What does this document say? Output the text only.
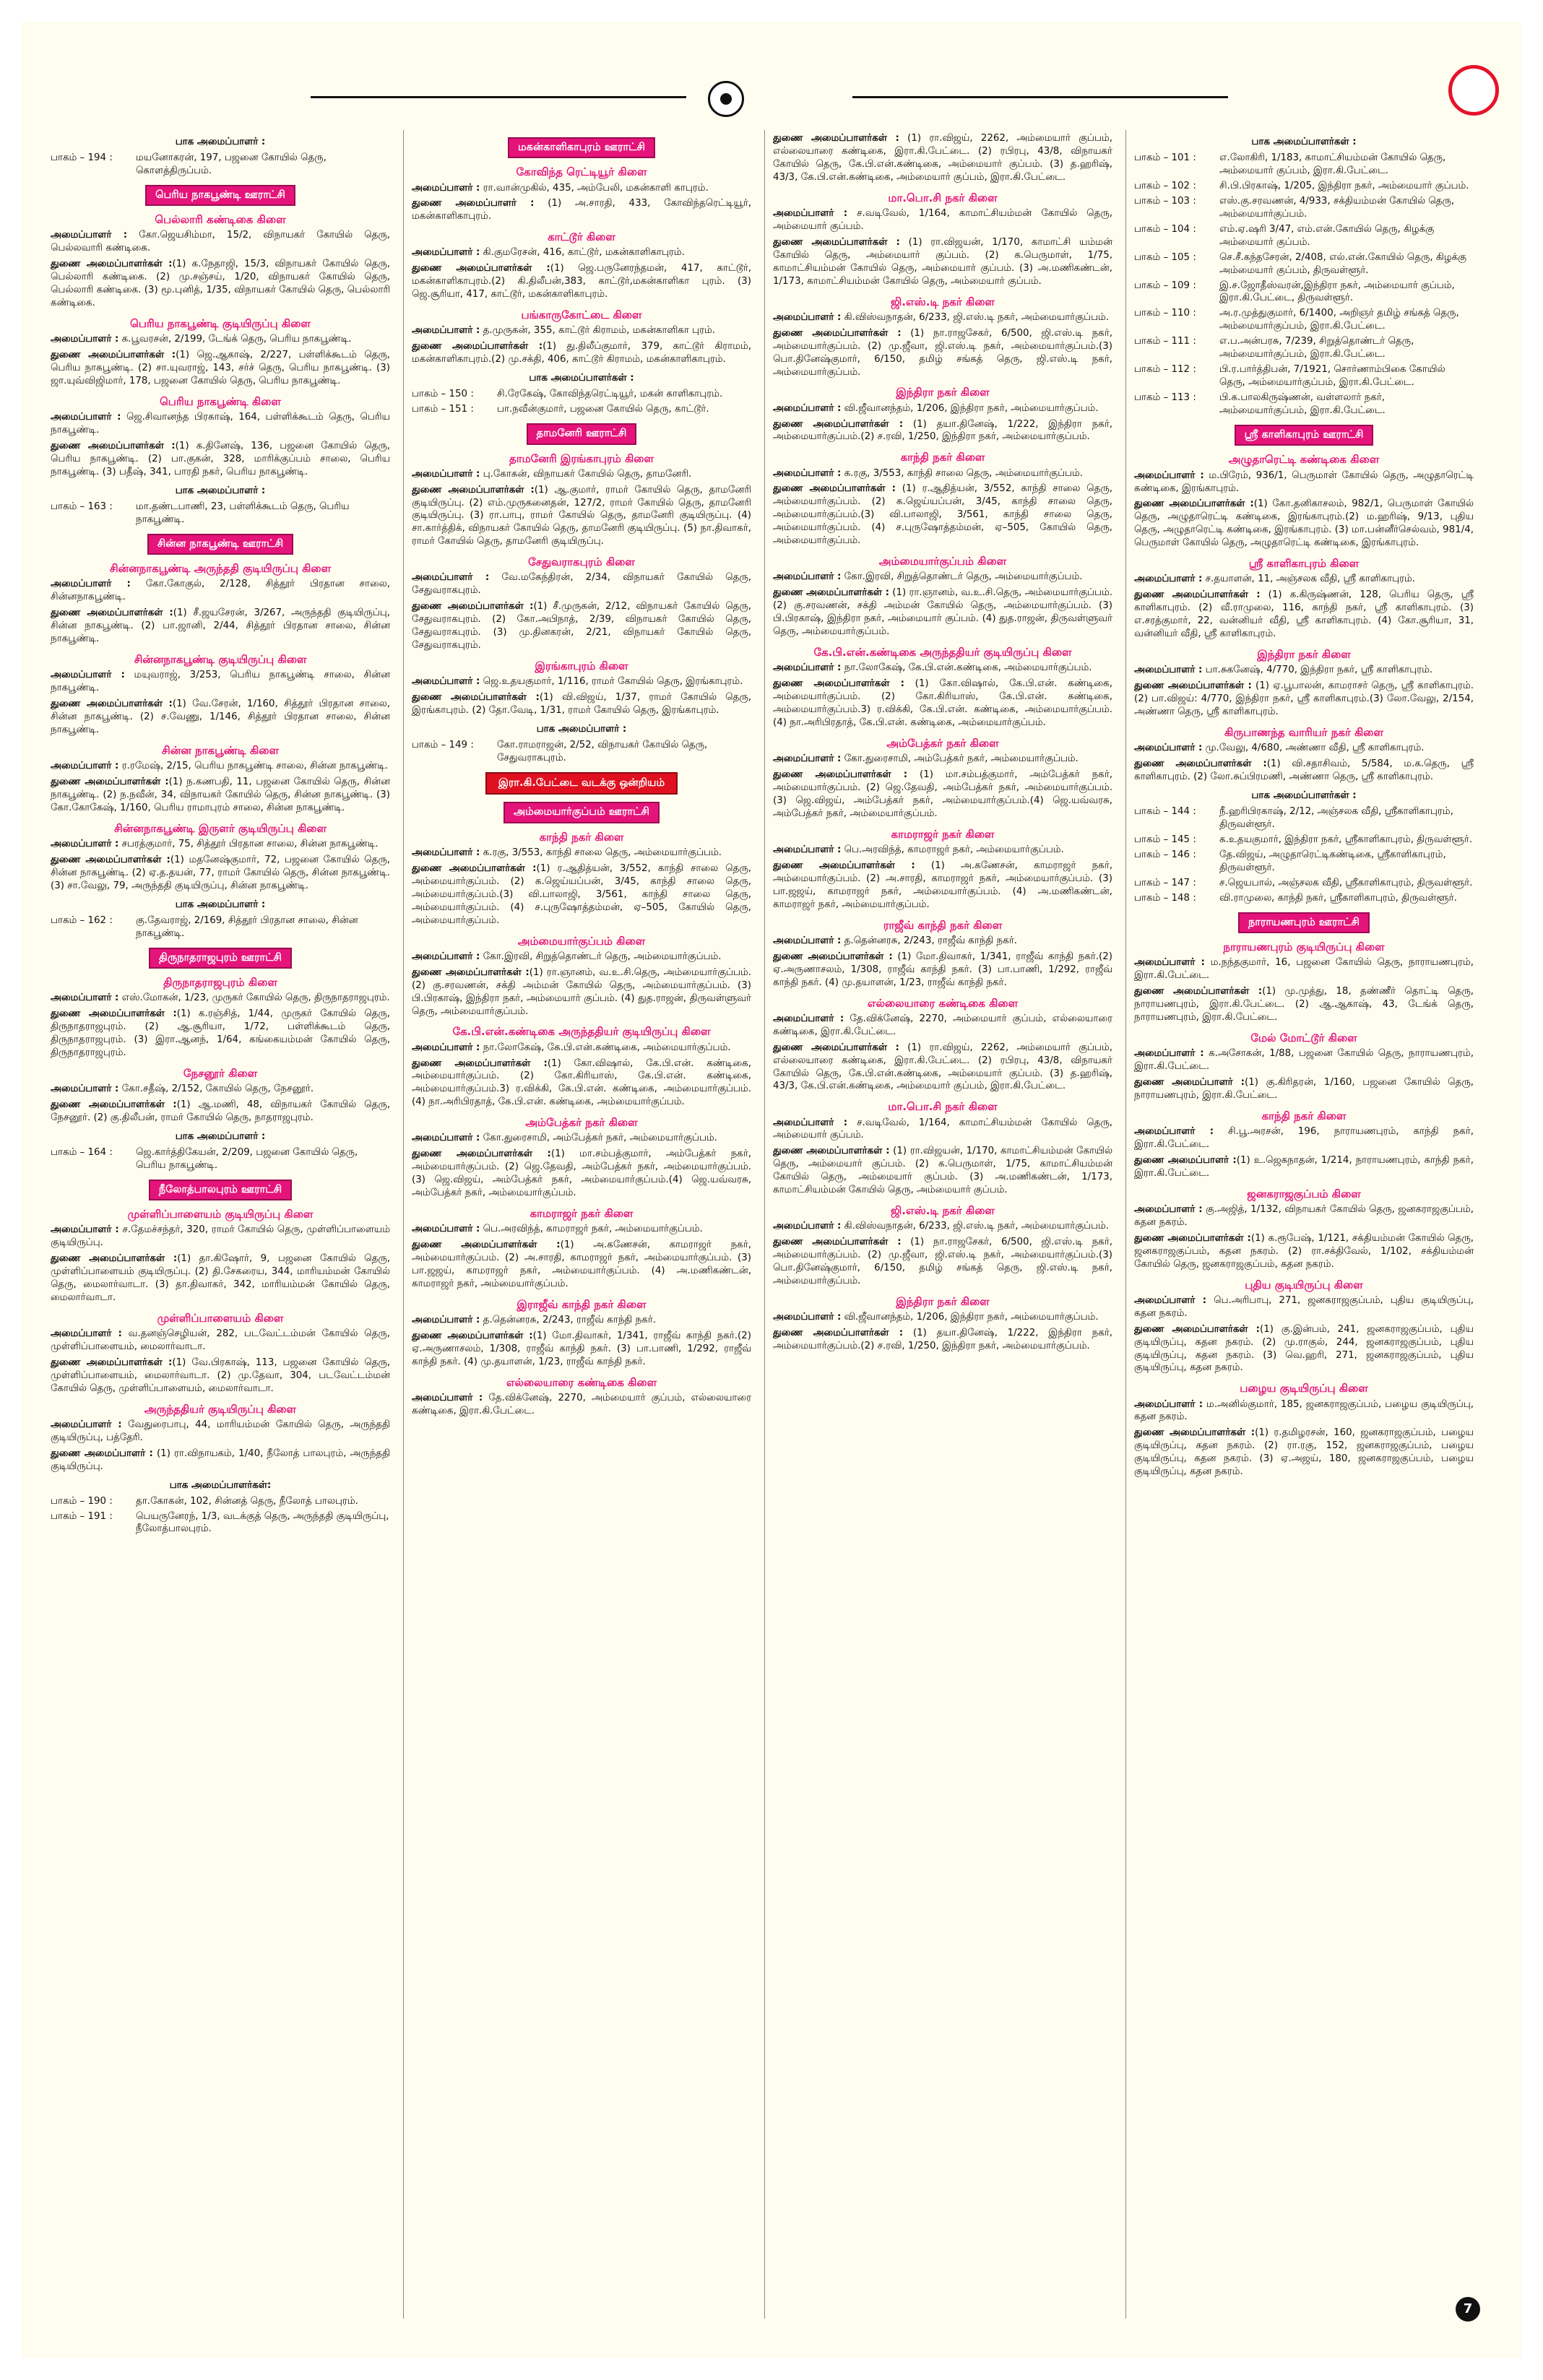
பாக அமைப்பாளர் :
பாகம் – 194 :	மயனோகரன், 197, பஜனை கோயில் தெரு, கொளத்திருப்பம்.
பெரிய நாகபூண்டி ஊராட்சி
பெல்லாரி கண்டிகை கிளை
அமைப்பாளர் : கோ.ஜெயசிம்மா, 15/2, விநாயகர் கோயில் தெரு, பெல்லவாரி கண்டிகை.
துணை அமைப்பாளர்கள் :(1) க.நேதாஜி, 15/3, விநாயகர் கோயில் தெரு, பெல்லாரி கண்டிகை. (2) மு.சஞ்சய், 1/20, விநாயகர் கோயில் தெரு, பெல்லாரி கண்டிகை. (3) மூ.புனித், 1/35, விநாயகர் கோயில் தெரு, பெல்லாரி கண்டிகை.
பெரிய நாகபூண்டி குடியிருப்பு கிளை
அமைப்பாளர் : க.பூவரசன், 2/199, டேங்க் தெரு, பெரிய நாகபூண்டி.
துணை அமைப்பாளர்கள் :(1) ஜெ.ஆகாஷ், 2/227, பள்ளிக்கூடம் தெரு, பெரிய நாகபூண்டி. (2) சா.யுவராஜ், 143, சர்ச் தெரு, பெரிய நாகபூண்டி. (3) ஜா.யுவ்விஜிமார், 178, பஜனை கோயில் தெரு, பெரிய நாகபூண்டி.
பெரிய நாகபூண்டி கிளை
அமைப்பாளர் : ஜெ.சிவானந்த பிரகாஷ், 164, பள்ளிக்கூடம் தெரு, பெரிய நாகபூண்டி.
துணை அமைப்பாளர்கள் :(1) க.தினேஷ், 136, பஜனை கோயில் தெரு, பெரிய நாகபூண்டி. (2) பா.குகன், 328, மாரிக்குப்பம் சாலை, பெரிய நாகபூண்டி. (3) பதீஷ், 341, பாரதி நகர், பெரிய நாகபூண்டி.
பாக அமைப்பாளர் :
பாகம் – 163 :	மா.தண்டபாணி, 23, பள்ளிக்கூடம் தெரு, பெரிய நாகபூண்டி.
சின்ன நாகபூண்டி ஊராட்சி
சின்னநாகபூண்டி அருந்ததி குடியிருப்பு கிளை
அமைப்பாளர் : கோ.கோகுல், 2/128, சித்தூர் பிரதான சாலை, சின்னநாகபூண்டி.
துணை அமைப்பாளர்கள் :(1) சீ.ஜயசேரன், 3/267, அருந்ததி குடியிருப்பு, சின்ன நாகபூண்டி. (2) பா.ஜானி, 2/44, சித்தூர் பிரதான சாலை, சின்ன நாகபூண்டி.
சின்னநாகபூண்டி குடியிருப்பு கிளை
அமைப்பாளர் : மயுவராஜ், 3/253, பெரிய நாகபூண்டி சாலை, சின்ன நாகபூண்டி.
துணை அமைப்பாளர்கள் :(1) வே.சேரன், 1/160, சித்தூர் பிரதான சாலை, சின்ன நாகபூண்டி. (2) ச.வேணு, 1/146, சித்தூர் பிரதான சாலை, சின்ன நாகபூண்டி.
சின்ன நாகபூண்டி கிளை
அமைப்பாளர் : ர.ரமேஷ், 2/15, பெரிய நாகபூண்டி சாலை, சின்ன நாகபூண்டி.
துணை அமைப்பாளர்கள் :(1) ந.கணபதி, 11, பஜனை கோயில் தெரு, சின்ன நாகபூண்டி. (2) ந.நவீன், 34, விநாயகர் கோயில் தெரு, சின்ன நாகபூண்டி. (3) கோ.கோகேஷ், 1/160, பெரிய ராமாபுரம் சாலை, சின்ன நாகபூண்டி.
சின்னநாகபூண்டி இருளர் குடியிருப்பு கிளை
அமைப்பாளர் : சபரத்குமார், 75, சித்தூர் பிரதான சாலை, சின்ன நாகபூண்டி.
துணை அமைப்பாளர்கள் :(1) மதனேஷ்குமார், 72, பஜனை கோயில் தெரு, சின்ன நாகபூண்டி. (2) ஏ.த.தயன், 77, ராமர் கோயில் தெரு, சின்ன நாகபூண்டி. (3) சா.வேலு, 79, அருந்ததி குடியிருப்பு, சின்ன நாகபூண்டி.
பாக அமைப்பாளர் :
பாகம் – 162 :	கு.தேவராஜ், 2/169, சித்தூர் பிரதான சாலை, சின்ன நாகபூண்டி.
திருநாதராஜபுரம் ஊராட்சி
திருநாதராஜபுரம் கிளை
அமைப்பாளர் : எஸ்.மோகன், 1/23, முருகர் கோயில் தெரு, திருநாதராஜபுரம்.
துணை அமைப்பாளர்கள் :(1) க.ரஞ்சித், 1/44, முருகர் கோயில் தெரு, திருநாதராஜபுரம். (2) ஆ.சூரியா, 1/72, பள்ளிக்கூடம் தெரு, திருநாதராஜபுரம். (3) இரா.ஆனந், 1/64, கங்கையம்மன் கோயில் தெரு, திருநாதராஜபுரம்.
நேசனூர் கிளை
அமைப்பாளர் : கோ.சதீஷ், 2/152, கோயில் தெரு, நேசனூர்.
துணை அமைப்பாளர்கள் :(1) ஆ.மணி, 48, விநாயகர் கோயில் தெரு, நேசனூர். (2) கு.திலீபன், ராமர் கோயில் தெரு, நாதராஜபுரம்.
பாக அமைப்பாளர் :
பாகம் – 164 :	ஜெ.கார்த்திகேயன், 2/209, பஜனை கோயில் தெரு, பெரிய நாகபூண்டி.
நீலோத்பாலபுரம் ஊராட்சி
முள்ளிப்பாளையம் குடியிருப்பு கிளை
அமைப்பாளர் : ச.தேமச்சந்தர், 320, ராமர் கோயில் தெரு, முள்ளிப்பாளையம் குடியிருப்பு.
துணை அமைப்பாளர்கள் :(1) தா.கிஷோர், 9, பஜனை கோயில் தெரு, முள்ளிப்பாளையம் குடியிருப்பு. (2) தி.சேகரைய, 344, மாரியம்மன் கோயில் தெரு, மைலார்வாடா. (3) தா.திவாகர், 342, மாரியம்மன் கோயில் தெரு, மைலார்வாடா.
முள்ளிப்பாளையம் கிளை
அமைப்பாளர் : வ.தனஞ்செழியன், 282, படவேட்டம்மன் கோயில் தெரு, முள்ளிப்பாளையம், மைலார்வாடா.
துணை அமைப்பாளர்கள் :(1) வே.பிரகாஷ், 113, பஜனை கோயில் தெரு, முள்ளிப்பாளையம், மைலார்வாடா. (2) மு.தேவா, 304, படவேட்டம்மன் கோயில் தெரு, முள்ளிப்பாளையம், மைலார்வாடா.
அருந்ததியர் குடியிருப்பு கிளை
அமைப்பாளர் : வேதுரைபாபு, 44, மாரியம்மன் கோயில் தெரு, அருந்ததி குடியிருப்பு, பத்தேரி.
துணை அமைப்பாளர் : (1) ரா.விநாயகம், 1/40, நீலோத் பாலபுரம், அருந்ததி குடியிருப்பு.
பாக அமைப்பாளர்கள்:
பாகம் – 190 :	தா.கோகன், 102, சின்னத் தெரு, நீலோத் பாலபுரம்.
பாகம் – 191 :	பெயருனேரந், 1/3, வடக்குத் தெரு, அருந்ததி குடியிருப்பு, நீலோத்பாலபுரம்.
மகன்காளிகாபுரம் ஊராட்சி
கோவிந்த ரெட்டியூர் கிளை
அமைப்பாளர் : ரா.வான்முகில், 435, அம்பேலி, மகன்காளி காபுரம்.
துணை அமைப்பாளர் : (1) அ.சாரதி, 433, கோவிந்தரெட்டியூர், மகன்காளிகாபுரம்.
காட்டூர் கிளை
அமைப்பாளர் : கி.குமரேசன், 416, காட்டூர், மகன்காளிகாபுரம்.
துணை அமைப்பாளர்கள் :(1) ஜெ.பருனேரந்தமன், 417, காட்டூர், மகன்காளிகாபுரம்.(2) கி.திலீபன்,383, காட்டூர்,மகன்காளிகா புரம். (3) ஜெ.சூரியா, 417, காட்டூர், மகன்காளிகாபுரம்.
பங்காருகோட்டை கிளை
அமைப்பாளர் : த.முருகன், 355, காட்டூர் கிராமம், மகன்காளிகா புரம்.
துணை அமைப்பாளர்கள் :(1) து.திலீப்குமார், 379, காட்டூர் கிராமம், மகன்காளிகாபுரம்.(2) மு.சக்தி, 406, காட்டூர் கிராமம், மகன்காளிகாபுரம்.
பாக அமைப்பாளர்கள் :
பாகம் – 150 :	சி.ரேகேஷ், கோவிந்தரெட்டியூர், மகன் காளிகாபுரம்.
பாகம் – 151 :	பா.நவீன்குமார், பஜனை கோயில் தெரு, காட்டூர்.
தாமனேரி ஊராட்சி
தாமனேரி இரங்காபுரம் கிளை
அமைப்பாளர் : பு.கோகன், விநாயகர் கோயில் தெரு, தாமனேரி.
துணை அமைப்பாளர்கள் :(1) ஆ.குமார், ராமர் கோயில் தெரு, தாமனேரி குடியிருப்பு. (2) எம்.முருகனைதன், 127/2, ராமர் கோயில் தெரு, தாமனேரி குடியிருப்பு. (3) ரா.பாபு, ராமர் கோயில் தெரு, தாமனேரி குடியிருப்பு. (4) சா.கார்த்திக், விநாயகர் கோயில் தெரு, தாமனேரி குடியிருப்பு. (5) நா.திவாகர், ராமர் கோயில் தெரு, தாமனேரி குடியிருப்பு.
சேதுவராகபுரம் கிளை
அமைப்பாளர் : வே.மகேந்திரன், 2/34, விநாயகர் கோயில் தெரு, சேதுவராகபுரம்.
துணை அமைப்பாளர்கள் :(1) சீ.முருகன், 2/12, விநாயகர் கோயில் தெரு, சேதுவராகபுரம். (2) கோ.அபிநாத், 2/39, விநாயகர் கோயில் தெரு, சேதுவராகபுரம். (3) மு.தினகரன், 2/21, விநாயகர் கோயில் தெரு, சேதுவராகபுரம்.
இரங்காபுரம் கிளை
அமைப்பாளர் : ஜெ.உதயகுமார், 1/116, ராமர் கோயில் தெரு, இரங்காபுரம்.
துணை அமைப்பாளர்கள் :(1) வி.விஜய், 1/37, ராமர் கோயில் தெரு, இரங்காபுரம். (2) தோ.வேடி, 1/31, ராமர் கோயில் தெரு, இரங்காபுரம்.
பாக அமைப்பாளர் :
பாகம் – 149 :	கோ.ராமராஜன், 2/52, விநாயகர் கோயில் தெரு, சேதுவராகபுரம்.
இரா.கி.பேட்டை வடக்கு ஒன்றியம்
அம்மையார்குப்பம் ஊராட்சி
காந்தி நகர் கிளை
அமைப்பாளர் : க.ரகு, 3/553, காந்தி சாலை தெரு, அம்மையார்குப்பம்.
துணை அமைப்பாளர்கள் :(1) ர.ஆதித்யன், 3/552, காந்தி சாலை தெரு, அம்மையார்குப்பம். (2) க.ஜெய்யப்பன், 3/45, காந்தி சாலை தெரு, அம்மையார்குப்பம்.(3) வி.பாலாஜி, 3/561, காந்தி சாலை தெரு, அம்மையார்குப்பம். (4) ச.புருஷோத்தம்மன், ஏ–505, கோயில் தெரு, அம்மையார்குப்பம்.
அம்மையார்குப்பம் கிளை
அமைப்பாளர் : கோ.இரவி, சிறுத்தொண்டர் தெரு, அம்மையார்குப்பம்.
துணை அமைப்பாளர்கள் :(1) ரா.ஞானம், வ.உ.சி.தெரு, அம்மையார்குப்பம். (2) கு.சரவணன், சக்தி அம்மன் கோயில் தெரு, அம்மையார்குப்பம். (3) பி.பிரகாஷ், இந்திரா நகர், அம்மையார் குப்பம். (4) துத.ராஜன், திருவள்ளுவர் தெரு, அம்மையார்குப்பம்.
கே.பி.என்.கண்டிகை அருந்ததியர் குடியிருப்பு கிளை
அமைப்பாளர் : நா.லோகேஷ், கே.பி.என்.கண்டிகை, அம்மையார்குப்பம்.
துணை அமைப்பாளர்கள் :(1) கோ.விஷால், கே.பி.என். கண்டிகை, அம்மையார்குப்பம். (2) கோ.கிரியாஸ், கே.பி.என். கண்டிகை, அம்மையார்குப்பம்.3) ர.விக்கி, கே.பி.என். கண்டிகை, அம்மையார்குப்பம்.(4) நா.அரிபிரதாத், கே.பி.என். கண்டிகை, அம்மையார்குப்பம்.
அம்பேத்கர் நகர் கிளை
அமைப்பாளர் : கோ.துரைசாமி, அம்பேத்கர் நகர், அம்மையார்குப்பம்.
துணை அமைப்பாளர்கள் :(1) மா.சம்பத்குமார், அம்பேத்கர் நகர், அம்மையார்குப்பம். (2) ஜெ.தேவதி, அம்பேத்கர் நகர், அம்மையார்குப்பம்.(3) ஜெ.விஜய், அம்பேத்கர் நகர், அம்மையார்குப்பம்.(4) ஜெ.யவ்வரசு, அம்பேத்கர் நகர், அம்மையார்குப்பம்.
காமராஜர் நகர் கிளை
அமைப்பாளர் : பெ.அரவிந்த், காமராஜர் நகர், அம்மையார்குப்பம்.
துணை அமைப்பாளர்கள் :(1) அ.கணேசன், காமராஜர் நகர், அம்மையார்குப்பம். (2) அ.சாரதி, காமராஜர் நகர், அம்மையார்குப்பம். (3) பா.ஜஜய், காமராஜர் நகர், அம்மையார்குப்பம். (4) அ.மணிகண்டன், காமராஜர் நகர், அம்மையார்குப்பம்.
இராஜீவ் காந்தி நகர் கிளை
அமைப்பாளர் : த.தென்னரசு, 2/243, ராஜீவ் காந்தி நகர்.
துணை அமைப்பாளர்கள் :(1) மோ.திவாகர், 1/341, ராஜீவ் காந்தி நகர்.(2) ஏ.அருணாசலம், 1/308, ராஜீவ் காந்தி நகர். (3) பா.பாணி, 1/292, ராஜீவ் காந்தி நகர். (4) மு.தயாளன், 1/23, ராஜீவ் காந்தி நகர்.
எல்லையாரை கண்டிகை கிளை
அமைப்பாளர் : தே.விக்னேஷ், 2270, அம்மையார் குப்பம், எல்லையாரை கண்டிகை, இரா.கி.பேட்டை.
துணை அமைப்பாளர்கள் : (1) ரா.விஜய், 2262, அம்மையார் குப்பம், எல்லையாரை கண்டிகை, இரா.கி.பேட்டை. (2) ரபிரபு, 43/8, விநாயகர் கோயில் தெரு, கே.பி.என்.கண்டிகை, அம்மையார் குப்பம். (3) த.ஹரிஷ், 43/3, கே.பி.என்.கண்டிகை, அம்மையார் குப்பம், இரா.கி.பேட்டை.
மா.பொ.சி நகர் கிளை
அமைப்பாளர் : ச.வடிவேல், 1/164, காமாட்சியம்மன் கோயில் தெரு, அம்மையார் குப்பம்.
துணை அமைப்பாளர்கள் : (1) ரா.விஜயன், 1/170, காமாட்சி யம்மன் கோயில் தெரு, அம்மையார் குப்பம். (2) க.பெருமாள், 1/75, காமாட்சியம்மன் கோயில் தெரு, அம்மையார் குப்பம். (3) அ.மணிகண்டன், 1/173, காமாட்சியம்மன் கோயில் தெரு, அம்மையார் குப்பம்.
ஜி.எஸ்.டி நகர் கிளை
அமைப்பாளர் : கி.விஸ்வநாதன், 6/233, ஜி.எஸ்.டி நகர், அம்மையார்குப்பம்.
துணை அமைப்பாளர்கள் : (1) நா.ராஜசேகர், 6/500, ஜி.எஸ்.டி நகர், அம்மையார்குப்பம். (2) மு.ஜீவா, ஜி.எஸ்.டி நகர், அம்மையார்குப்பம்.(3) பொ.தினேஷ்குமார், 6/150, தமிழ் சங்கத் தெரு, ஜி.எஸ்.டி நகர், அம்மையார்குப்பம்.
இந்திரா நகர் கிளை
அமைப்பாளர் : வி.ஜீவானந்தம், 1/206, இந்திரா நகர், அம்மையார்குப்பம்.
துணை அமைப்பாளர்கள் : (1) தயா.தினேஷ், 1/222, இந்திரா நகர், அம்மையார்குப்பம்.(2) ச.ரவி, 1/250, இந்திரா நகர், அம்மையார்குப்பம்.
காந்தி நகர் கிளை
அமைப்பாளர் : க.ரகு, 3/553, காந்தி சாலை தெரு, அம்மையார்குப்பம்.
துணை அமைப்பாளர்கள் : (1) ர.ஆதித்யன், 3/552, காந்தி சாலை தெரு, அம்மையார்குப்பம். (2) க.ஜெய்யப்பன், 3/45, காந்தி சாலை தெரு, அம்மையார்குப்பம்.(3) வி.பாலாஜி, 3/561, காந்தி சாலை தெரு, அம்மையார்குப்பம். (4) ச.புருஷோத்தம்மன், ஏ–505, கோயில் தெரு, அம்மையார்குப்பம்.
அம்மையார்குப்பம் கிளை
அமைப்பாளர் : கோ.இரவி, சிறுத்தொண்டர் தெரு, அம்மையார்குப்பம்.
துணை அமைப்பாளர்கள் : (1) ரா.ஞானம், வ.உ.சி.தெரு, அம்மையார்குப்பம். (2) கு.சரவணன், சக்தி அம்மன் கோயில் தெரு, அம்மையார்குப்பம். (3) பி.பிரகாஷ், இந்திரா நகர், அம்மையார் குப்பம். (4) துத.ராஜன், திருவள்ளுவர் தெரு, அம்மையார்குப்பம்.
கே.பி.என்.கண்டிகை அருந்ததியர் குடியிருப்பு கிளை
அமைப்பாளர் : நா.லோகேஷ், கே.பி.என்.கண்டிகை, அம்மையார்குப்பம்.
துணை அமைப்பாளர்கள் : (1) கோ.விஷால், கே.பி.என். கண்டிகை, அம்மையார்குப்பம். (2) கோ.கிரியாஸ், கே.பி.என். கண்டிகை, அம்மையார்குப்பம்.3) ர.விக்கி, கே.பி.என். கண்டிகை, அம்மையார்குப்பம்.(4) நா.அரிபிரதாத், கே.பி.என். கண்டிகை, அம்மையார்குப்பம்.
அம்பேத்கர் நகர் கிளை
அமைப்பாளர் : கோ.துரைசாமி, அம்பேத்கர் நகர், அம்மையார்குப்பம்.
துணை அமைப்பாளர்கள் : (1) மா.சம்பத்குமார், அம்பேத்கர் நகர், அம்மையார்குப்பம். (2) ஜெ.தேவதி, அம்பேத்கர் நகர், அம்மையார்குப்பம்.(3) ஜெ.விஜய், அம்பேத்கர் நகர், அம்மையார்குப்பம்.(4) ஜெ.யவ்வரசு, அம்பேத்கர் நகர், அம்மையார்குப்பம்.
காமராஜர் நகர் கிளை
அமைப்பாளர் : பெ.அரவிந்த், காமராஜர் நகர், அம்மையார்குப்பம்.
துணை அமைப்பாளர்கள் : (1) அ.கணேசன், காமராஜர் நகர், அம்மையார்குப்பம். (2) அ.சாரதி, காமராஜர் நகர், அம்மையார்குப்பம். (3) பா.ஜஜய், காமராஜர் நகர், அம்மையார்குப்பம். (4) அ.மணிகண்டன், காமராஜர் நகர், அம்மையார்குப்பம்.
ராஜீவ் காந்தி நகர் கிளை
அமைப்பாளர் : த.தென்னரசு, 2/243, ராஜீவ் காந்தி நகர்.
துணை அமைப்பாளர்கள் : (1) மோ.திவாகர், 1/341, ராஜீவ் காந்தி நகர்.(2) ஏ.அருணாசலம், 1/308, ராஜீவ் காந்தி நகர். (3) பா.பாணி, 1/292, ராஜீவ் காந்தி நகர். (4) மு.தயாளன், 1/23, ராஜீவ் காந்தி நகர்.
எல்லையாரை கண்டிகை கிளை
அமைப்பாளர் : தே.விக்னேஷ், 2270, அம்மையார் குப்பம், எல்லையாரை கண்டிகை, இரா.கி.பேட்டை.
துணை அமைப்பாளர்கள் : (1) ரா.விஜய், 2262, அம்மையார் குப்பம், எல்லையாரை கண்டிகை, இரா.கி.பேட்டை. (2) ரபிரபு, 43/8, விநாயகர் கோயில் தெரு, கே.பி.என்.கண்டிகை, அம்மையார் குப்பம். (3) த.ஹரிஷ், 43/3, கே.பி.என்.கண்டிகை, அம்மையார் குப்பம், இரா.கி.பேட்டை.
மா.பொ.சி நகர் கிளை
அமைப்பாளர் : ச.வடிவேல், 1/164, காமாட்சியம்மன் கோயில் தெரு, அம்மையார் குப்பம்.
துணை அமைப்பாளர்கள் : (1) ரா.விஜயன், 1/170, காமாட்சியம்மன் கோயில் தெரு, அம்மையார் குப்பம். (2) க.பெருமாள், 1/75, காமாட்சியம்மன் கோயில் தெரு, அம்மையார் குப்பம். (3) அ.மணிகண்டன், 1/173, காமாட்சியம்மன் கோயில் தெரு, அம்மையார் குப்பம்.
ஜி.எஸ்.டி நகர் கிளை
அமைப்பாளர் : கி.விஸ்வநாதன், 6/233, ஜி.எஸ்.டி நகர், அம்மையார்குப்பம்.
துணை அமைப்பாளர்கள் : (1) நா.ராஜசேகர், 6/500, ஜி.எஸ்.டி நகர், அம்மையார்குப்பம். (2) மு.ஜீவா, ஜி.எஸ்.டி நகர், அம்மையார்குப்பம்.(3) பொ.தினேஷ்குமார், 6/150, தமிழ் சங்கத் தெரு, ஜி.எஸ்.டி நகர், அம்மையார்குப்பம்.
இந்திரா நகர் கிளை
அமைப்பாளர் : வி.ஜீவானந்தம், 1/206, இந்திரா நகர், அம்மையார்குப்பம்.
துணை அமைப்பாளர்கள் : (1) தயா.தினேஷ், 1/222, இந்திரா நகர், அம்மையார்குப்பம்.(2) ச.ரவி, 1/250, இந்திரா நகர், அம்மையார்குப்பம்.
பாக அமைப்பாளர்கள் :
பாகம் – 101 :	எ.லோகிரி, 1/183, காமாட்சியம்மன் கோயில் தெரு, அம்மையார் குப்பம், இரா.கி.பேட்டை.
பாகம் – 102 :	சி.பி.பிரகாஷ், 1/205, இந்திரா நகர், அம்மையார் குப்பம்.
பாகம் – 103 :	எஸ்.கு.சரவணன், 4/933, சக்தியம்மன் கோயில் தெரு, அம்மையார்குப்பம்.
பாகம் – 104 :	எம்.ஏ.ஷரி 3/47, எம்.என்.கோயில் தெரு, கிழக்கு அம்மையார் குப்பம்.
பாகம் – 105 :	செ.சீ.கந்தசேரன், 2/408, எல்.என்.கோயில் தெரு, கிழக்கு அம்மையார் குப்பம், திருவள்ளூர்.
பாகம் – 109 :	இ.ச.ஜோதீஸ்வரன்,இந்திரா நகர், அம்மையார் குப்பம், இரா.கி.பேட்டை, திருவள்ளூர்.
பாகம் – 110 :	அ.ர.முத்துகுமார், 6/1400, அறிஞர் தமிழ் சங்கத் தெரு, அம்மையார்குப்பம், இரா.கி.பேட்டை.
பாகம் – 111 :	எ.ப.அன்பரசு, 7/239, சிறுத்தொண்டர் தெரு, அம்மையார்குப்பம், இரா.கி.பேட்டை.
பாகம் – 112 :	பி.ர.பார்த்திபன், 7/1921, சொர்ணாம்பிகை கோயில் தெரு, அம்மையார்குப்பம், இரா.கி.பேட்டை.
பாகம் – 113 :	பி.க.பாலகிருஷ்ணன், வள்ளலார் நகர், அம்மையார்குப்பம், இரா.கி.பேட்டை.
ஸ்ரீ காளிகாபுரம் ஊராட்சி
அழுதாரெட்டி கண்டிகை கிளை
அமைப்பாளர் : ம.பிரேம், 936/1, பெருமாள் கோயில் தெரு, அழுதாரெட்டி கண்டிகை, இரங்காபுரம்.
துணை அமைப்பாளர்கள் :(1) கோ.தனிகாசலம், 982/1, பெருமாள் கோயில் தெரு, அழுதாரெட்டி கண்டிகை, இரங்காபுரம்.(2) ம.ஹரிஷ், 9/13, புதிய தெரு, அழுதாரெட்டி கண்டிகை, இரங்காபுரம். (3) மா.பன்னீர்செல்வம், 981/4, பெருமாள் கோயில் தெரு, அழுதாரெட்டி கண்டிகை, இரங்காபுரம்.
ஸ்ரீ காளிகாபுரம் கிளை
அமைப்பாளர் : ச.தயாளன், 11, அஞ்சலக வீதி, ஸ்ரீ காளிகாபுரம்.
துணை அமைப்பாளர்கள் : (1) க.கிருஷ்ணன், 128, பெரிய தெரு, ஸ்ரீ காளிகாபுரம். (2) வீ.ராமுலை, 116, காந்தி நகர், ஸ்ரீ காளிகாபுரம். (3) எ.சரத்குமார், 22, வன்னியர் வீதி, ஸ்ரீ காளிகாபுரம். (4) கோ.சூரியா, 31, வன்னியர் வீதி, ஸ்ரீ காளிகாபுரம்.
இந்திரா நகர் கிளை
அமைப்பாளர் : பா.சுகனேஷ், 4/770, இந்திரா நகர், ஸ்ரீ காளிகாபுரம்.
துணை அமைப்பாளர்கள் : (1) ஏ.பூபாலன், காமராசர் தெரு, ஸ்ரீ காளிகாபுரம்.(2) பா.விஜய்: 4/770, இந்திரா நகர், ஸ்ரீ காளிகாபுரம்.(3) லோ.வேலு, 2/154, அண்ணா தெரு, ஸ்ரீ காளிகாபுரம்.
கிருபாணந்த வாரியர் நகர் கிளை
அமைப்பாளர் : மு.வேலு, 4/680, அண்ணா வீதி, ஸ்ரீ காளிகாபுரம்.
துணை அமைப்பாளர்கள் :(1) வி.சதாசிவம், 5/584, ம.க.தெரு, ஸ்ரீ காளிகாபுரம். (2) லோ.சுப்பிரமணி, அண்ணா தெரு, ஸ்ரீ காளிகாபுரம்.
பாக அமைப்பாளர்கள் :
பாகம் – 144 :	நீ.ஹரிபிரகாஷ், 2/12, அஞ்சலக வீதி, ஸ்ரீகாளிகாபுரம், திருவள்ளூர்.
பாகம் – 145 :	க.உதயகுமார், இந்திரா நகர், ஸ்ரீகாளிகாபுரம், திருவள்ளூர்.
பாகம் – 146 :	தே.விஜய், அழுதாரெட்டிகண்டிகை, ஸ்ரீகாளிகாபுரம், திருவள்ளூர்.
பாகம் – 147 :	ச.ஜெயபால், அஞ்சலக வீதி, ஸ்ரீகாளிகாபுரம், திருவள்ளூர்.
பாகம் – 148 :	வி.ராமுலை, காந்தி நகர், ஸ்ரீகாளிகாபுரம், திருவள்ளூர்.
நாராயணபுரம் ஊராட்சி
நாராயணபுரம் குடியிருப்பு கிளை
அமைப்பாளர் : ம.நந்தகுமார், 16, பஜனை கோயில் தெரு, நாராயணபுரம், இரா.கி.பேட்டை.
துணை அமைப்பாளர்கள் :(1) மு.முத்து, 18, தண்ணீர் தொட்டி தெரு, நாராயணபுரம், இரா.கி.பேட்டை. (2) ஆ.ஆகாஷ், 43, டேங்க் தெரு, நாராயணபுரம், இரா.கி.பேட்டை.
மேல் மோட்டூர் கிளை
அமைப்பாளர் : க.அசோகன், 1/88, பஜனை கோயில் தெரு, நாராயணபுரம், இரா.கி.பேட்டை.
துணை அமைப்பாளர் :(1) கு.கிரிதரன், 1/160, பஜனை கோயில் தெரு, நாராயணபுரம், இரா.கி.பேட்டை.
காந்தி நகர் கிளை
அமைப்பாளர் : சி.பூ.அரசன், 196, நாராயணபுரம், காந்தி நகர், இரா.கி.பேட்டை.
துணை அமைப்பாளர் :(1) உ.ஜெகநாதன், 1/214, நாராயணபுரம், காந்தி நகர், இரா.கி.பேட்டை.
ஜனகராஜகுப்பம் கிளை
அமைப்பாளர் : கு.அஜித், 1/132, விநாயகர் கோயில் தெரு, ஜனகராஜகுப்பம், கதன நகரம்.
துணை அமைப்பாளர்கள் :(1) க.ரூபேஷ், 1/121, சக்தியம்மன் கோயில் தெரு, ஜனகராஜகுப்பம், கதன நகரம். (2) ரா.சக்திவேல், 1/102, சக்தியம்மன் கோயில் தெரு, ஜனகராஜகுப்பம், கதன நகரம்.
புதிய குடியிருப்பு கிளை
அமைப்பாளர் : பெ.அரிபாபு, 271, ஜனகராஜகுப்பம், புதிய குடியிருப்பு, கதன நகரம்.
துணை அமைப்பாளர்கள் :(1) கு.இன்பம், 241, ஜனகராஜகுப்பம், புதிய குடியிருப்பு, கதன நகரம். (2) மு.ராகுல், 244, ஜனகராஜகுப்பம், புதிய குடியிருப்பு, கதன நகரம். (3) வெ.ஹரி, 271, ஜனகராஜகுப்பம், புதிய குடியிருப்பு, கதன நகரம்.
பழைய குடியிருப்பு கிளை
அமைப்பாளர் : ம.அனில்குமார், 185, ஜனகராஜகுப்பம், பழைய குடியிருப்பு, கதன நகரம்.
துணை அமைப்பாளர்கள் :(1) ர.தமிழரசன், 160, ஜனகராஜகுப்பம், பழைய குடியிருப்பு, கதன நகரம். (2) ரா.ரகு, 152, ஜனகராஜகுப்பம், பழைய குடியிருப்பு, கதன நகரம். (3) ஏ.அஜய், 180, ஜனகராஜகுப்பம், பழைய குடியிருப்பு, கதன நகரம்.
7
